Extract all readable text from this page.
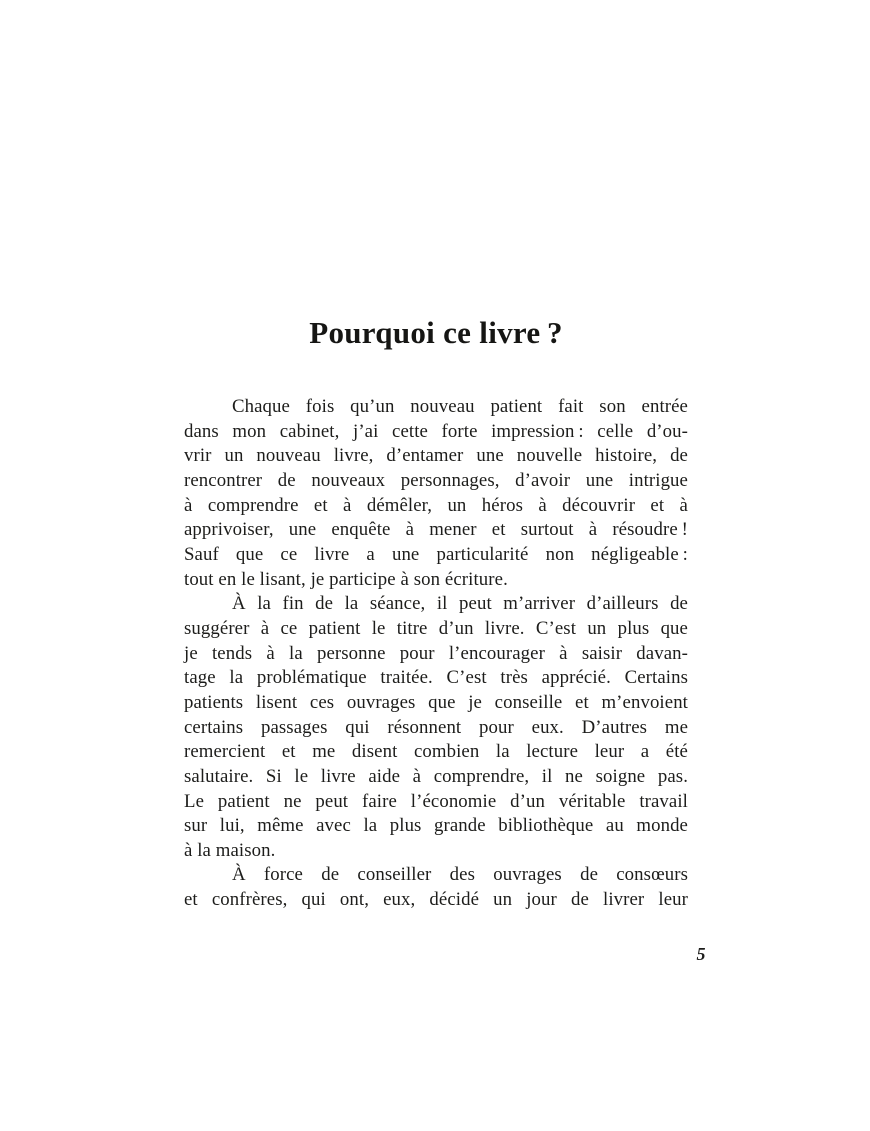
Pourquoi ce livre ?
Chaque fois qu’un nouveau patient fait son entrée
dans mon cabinet, j’ai cette forte impression : celle d’ou-
vrir un nouveau livre, d’entamer une nouvelle histoire, de
rencontrer de nouveaux personnages, d’avoir une intrigue
à comprendre et à démêler, un héros à découvrir et à
apprivoiser, une enquête à mener et surtout à résoudre !
Sauf que ce livre a une particularité non négligeable :
tout en le lisant, je participe à son écriture.
À la fin de la séance, il peut m’arriver d’ailleurs de
suggérer à ce patient le titre d’un livre. C’est un plus que
je tends à la personne pour l’encourager à saisir davan-
tage la problématique traitée. C’est très apprécié. Certains
patients lisent ces ouvrages que je conseille et m’envoient
certains passages qui résonnent pour eux. D’autres me
remercient et me disent combien la lecture leur a été
salutaire. Si le livre aide à comprendre, il ne soigne pas.
Le patient ne peut faire l’économie d’un véritable travail
sur lui, même avec la plus grande bibliothèque au monde
à la maison.
À force de conseiller des ouvrages de consœurs
et confrères, qui ont, eux, décidé un jour de livrer leur
5
